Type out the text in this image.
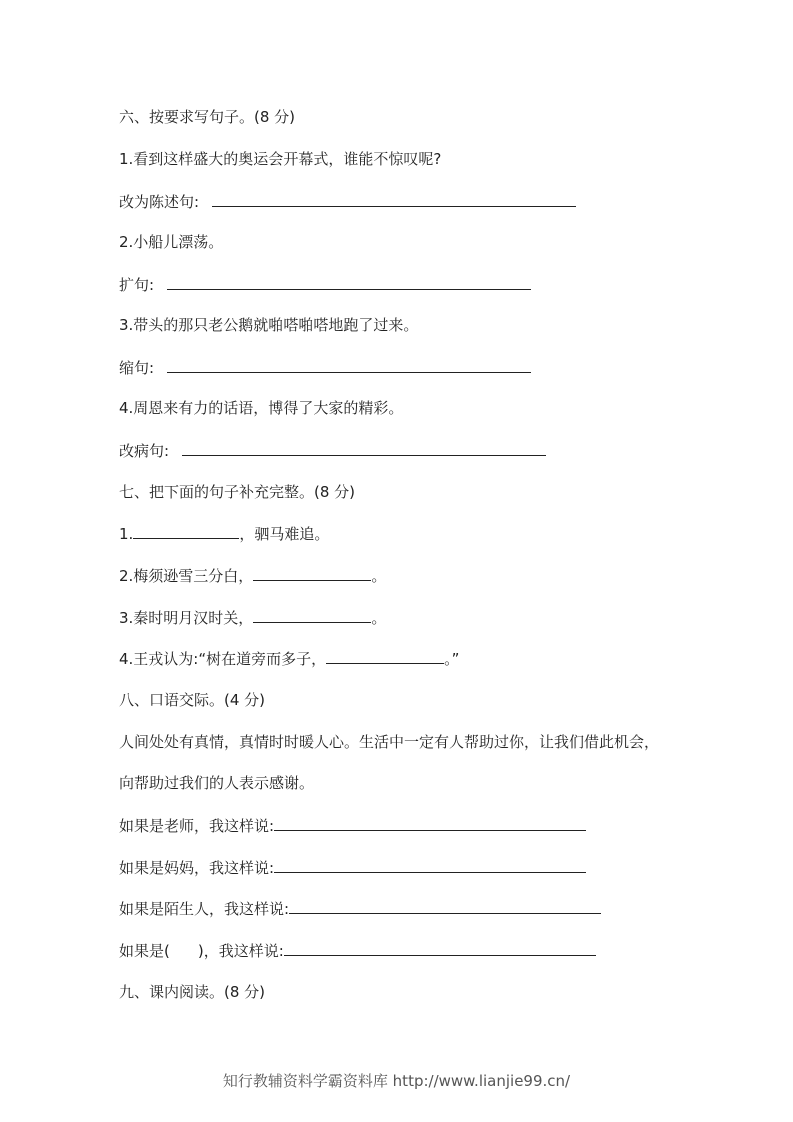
六、按要求写句子。(8 分)
1.看到这样盛大的奥运会开幕式，谁能不惊叹呢?
改为陈述句:
2.小船儿漂荡。
扩句:
3.带头的那只老公鹅就啪嗒啪嗒地跑了过来。
缩句:
4.周恩来有力的话语，博得了大家的精彩。
改病句:
七、把下面的句子补充完整。(8 分)
1.	，驷马难追。
2.梅须逊雪三分白，	。
3.秦时明月汉时关，	。
4.王戎认为:“树在道旁而多子，	。”
八、口语交际。(4 分)
人间处处有真情，真情时时暖人心。生活中一定有人帮助过你，让我们借此机会，
向帮助过我们的人表示感谢。
如果是老师，我这样说:
如果是妈妈，我这样说:
如果是陌生人，我这样说:
如果是( )，我这样说:
九、课内阅读。(8 分)
知行教辅资料学霸资料库 http://www.lianjie99.cn/
